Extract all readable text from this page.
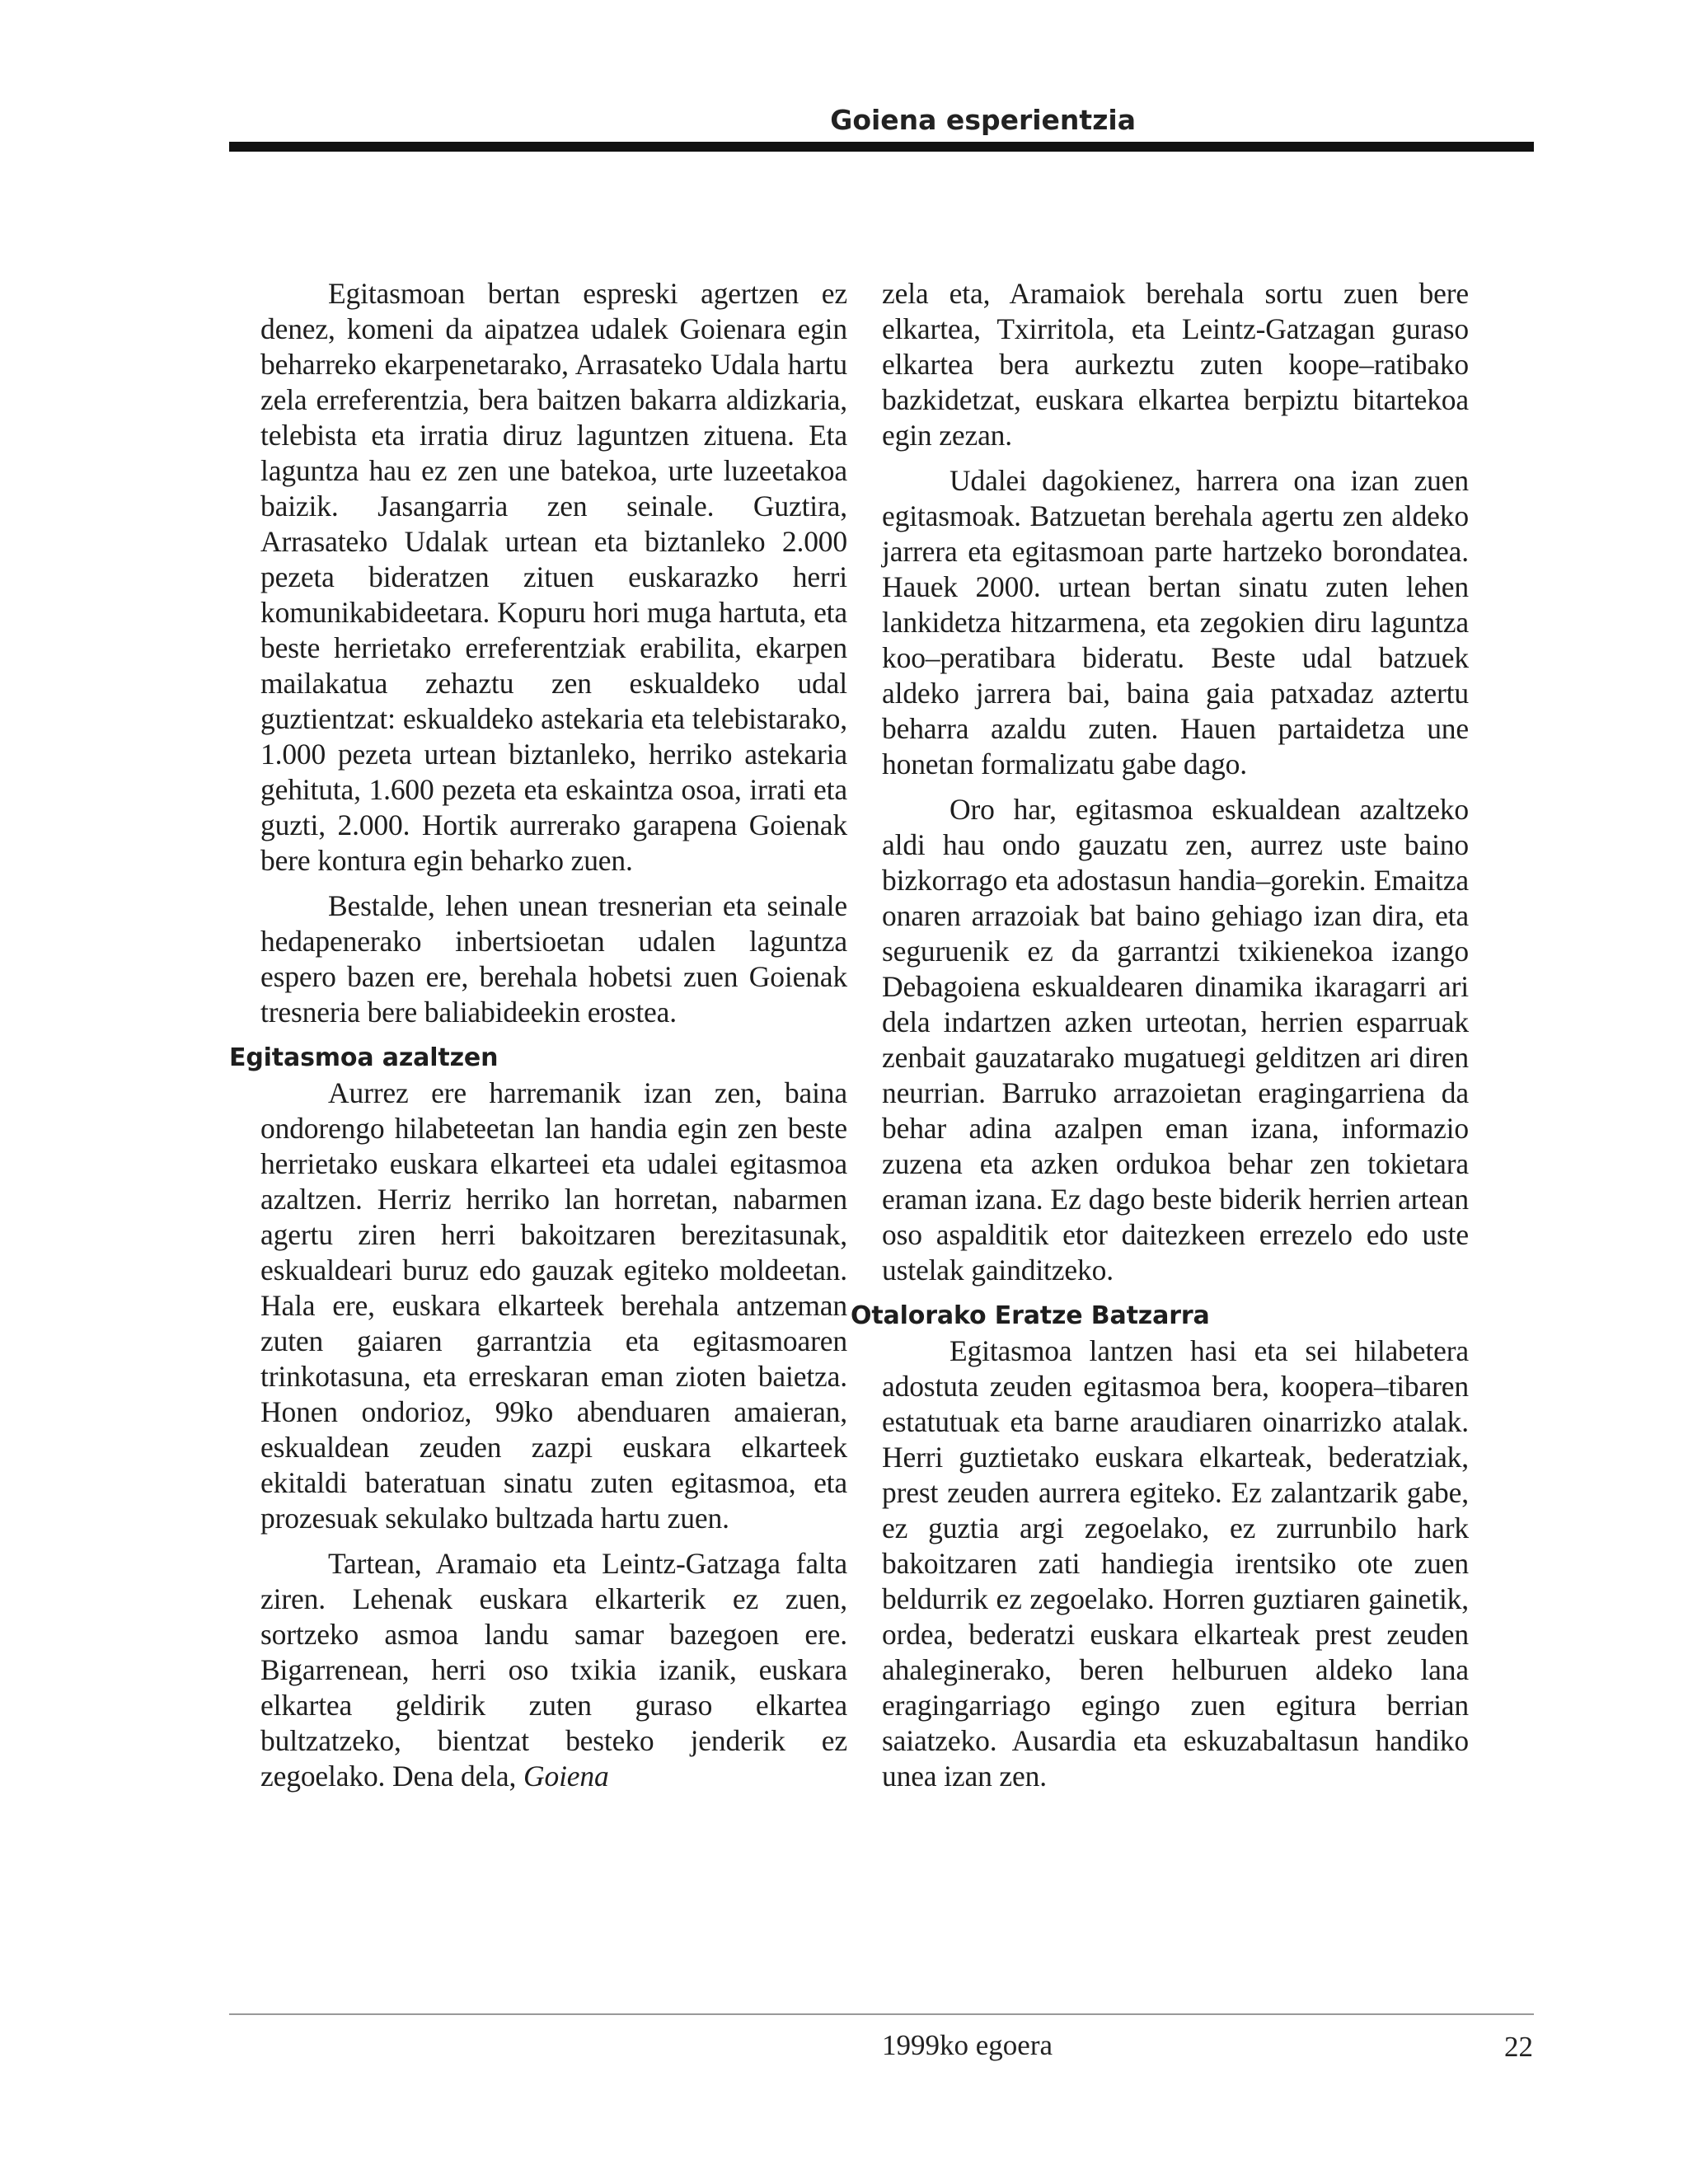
Goiena esperientzia

Egitasmoan bertan espreski agertzen ez denez, komeni da aipatzea udalek Goienara egin beharreko ekarpenetarako, Arrasateko Udala hartu zela erreferentzia, bera baitzen bakarra aldizkaria, telebista eta irratia diruz laguntzen zituena. Eta laguntza hau ez zen une batekoa, urte luzeetakoa baizik. Jasangarria zen seinale. Guztira, Arrasateko Udalak urtean eta biztanleko 2.000 pezeta bideratzen zituen euskarazko herri komunikabideetara. Kopuru hori muga hartuta, eta beste herrietako erreferentziak erabilita, ekarpen mailakatua zehaztu zen eskualdeko udal guztientzat: eskualdeko astekaria eta telebistarako, 1.000 pezeta urtean biztanleko, herriko astekaria gehituta, 1.600 pezeta eta eskaintza osoa, irrati eta guzti, 2.000. Hortik aurrerako garapena Goienak bere kontura egin beharko zuen.

Bestalde, lehen unean tresnerian eta seinale hedapenerako inbertsioetan udalen laguntza espero bazen ere, berehala hobetsi zuen Goienak tresneria bere baliabideekin erostea.

Egitasmoa azaltzen

Aurrez ere harremanik izan zen, baina ondorengo hilabeteetan lan handia egin zen beste herrietako euskara elkarteei eta udalei egitasmoa azaltzen. Herriz herriko lan horretan, nabarmen agertu ziren herri bakoitzaren berezitasunak, eskualdeari buruz edo gauzak egiteko moldeetan. Hala ere, euskara elkarteek berehala antzeman zuten gaiaren garrantzia eta egitasmoaren trinkotasuna, eta erreskaran eman zioten baietza. Honen ondorioz, 99ko abenduaren amaieran, eskualdean zeuden zazpi euskara elkarteek ekitaldi bateratuan sinatu zuten egitasmoa, eta prozesuak sekulako bultzada hartu zuen.

Tartean, Aramaio eta Leintz-Gatzaga falta ziren. Lehenak euskara elkarterik ez zuen, sortzeko asmoa landu samar bazegoen ere. Bigarrenean, herri oso txikia izanik, euskara elkartea geldirik zuten guraso elkartea bultzatzeko, bientzat besteko jenderik ez zegoelako. Dena dela, Goiena

zela eta, Aramaiok berehala sortu zuen bere elkartea, Txirritola, eta Leintz-Gatzagan guraso elkartea bera aurkeztu zuten koope–ratibako bazkidetzat, euskara elkartea berpiztu bitartekoa egin zezan.

Udalei dagokienez, harrera ona izan zuen egitasmoak. Batzuetan berehala agertu zen aldeko jarrera eta egitasmoan parte hartzeko borondatea. Hauek 2000. urtean bertan sinatu zuten lehen lankidetza hitzarmena, eta zegokien diru laguntza koo–peratibara bideratu. Beste udal batzuek aldeko jarrera bai, baina gaia patxadaz aztertu beharra azaldu zuten. Hauen partaidetza une honetan formalizatu gabe dago.

Oro har, egitasmoa eskualdean azaltzeko aldi hau ondo gauzatu zen, aurrez uste baino bizkorrago eta adostasun handia–gorekin. Emaitza onaren arrazoiak bat baino gehiago izan dira, eta seguruenik ez da garrantzi txikienekoa izango Debagoiena eskualdearen dinamika ikaragarri ari dela indartzen azken urteotan, herrien esparruak zenbait gauzatarako mugatuegi gelditzen ari diren neurrian. Barruko arrazoietan eragingarriena da behar adina azalpen eman izana, informazio zuzena eta azken ordukoa behar zen tokietara eraman izana. Ez dago beste biderik herrien artean oso aspalditik etor daitezkeen errezelo edo uste ustelak gainditzeko.

Otalorako Eratze Batzarra

Egitasmoa lantzen hasi eta sei hilabetera adostuta zeuden egitasmoa bera, koopera–tibaren estatutuak eta barne araudiaren oinarrizko atalak. Herri guztietako euskara elkarteak, bederatziak, prest zeuden aurrera egiteko. Ez zalantzarik gabe, ez guztia argi zegoelako, ez zurrunbilo hark bakoitzaren zati handiegia irentsiko ote zuen beldurrik ez zegoelako. Horren guztiaren gainetik, ordea, bederatzi euskara elkarteak prest zeuden ahaleginerako, beren helburuen aldeko lana eragingarriago egingo zuen egitura berrian saiatzeko. Ausardia eta eskuzabaltasun handiko unea izan zen.

1999ko egoera	22
